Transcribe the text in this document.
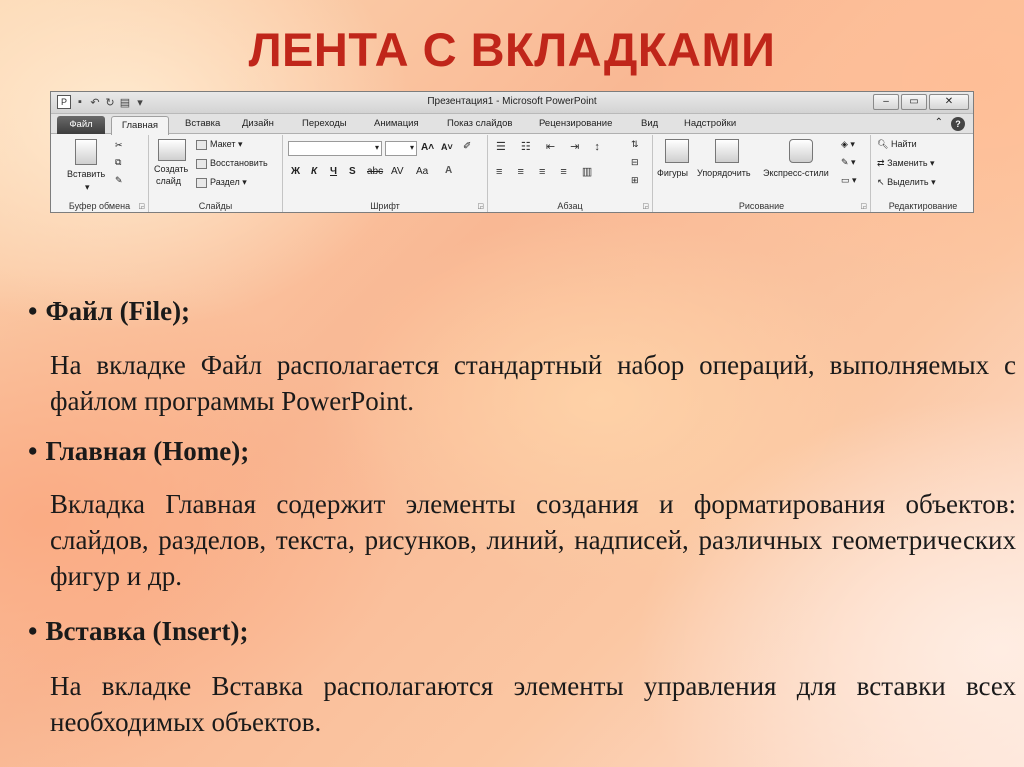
ЛЕНТА С ВКЛАДКАМИ
P	▪ ↶ ↻ ▤ ▾	Презентация1 - Microsoft PowerPoint	–	▭	✕
Файл	Главная	Вставка Дизайн	Переходы	Анимация	Показ слайдов	Рецензирование	Вид	Надстройки	⌃	?
Вставить
▾
✂
⧉
✎
Буфер обмена	◲
Создать
слайд
Макет ▾
Восстановить
Раздел ▾
Слайды
▾	▾ A˄ A˅ ✐
Ж К Ч S abc AV Aa A
Шрифт	◲
☰ ☷ ⇤ ⇥ ↕
≡ ≡ ≡ ≡ ▥
⇅
⊟
⊞
Абзац	◲
Фигуры Упорядочить Экспресс-стили
◈ ▾
✎ ▾
▭ ▾
Рисование	◲
🔍︎ Найти
⇄ Заменить ▾
↖ Выделить ▾
Редактирование
• Файл (File);
На вкладке Файл располагается стандартный набор операций, выполняемых с файлом программы PowerPoint.
• Главная (Home);
Вкладка Главная содержит элементы создания и форматирования объектов: слайдов, разделов, текста, рисунков, линий, надписей, различных геометрических фигур и др.
• Вставка (Insert);
На вкладке Вставка располагаются элементы управления для вставки всех необходимых объектов.
